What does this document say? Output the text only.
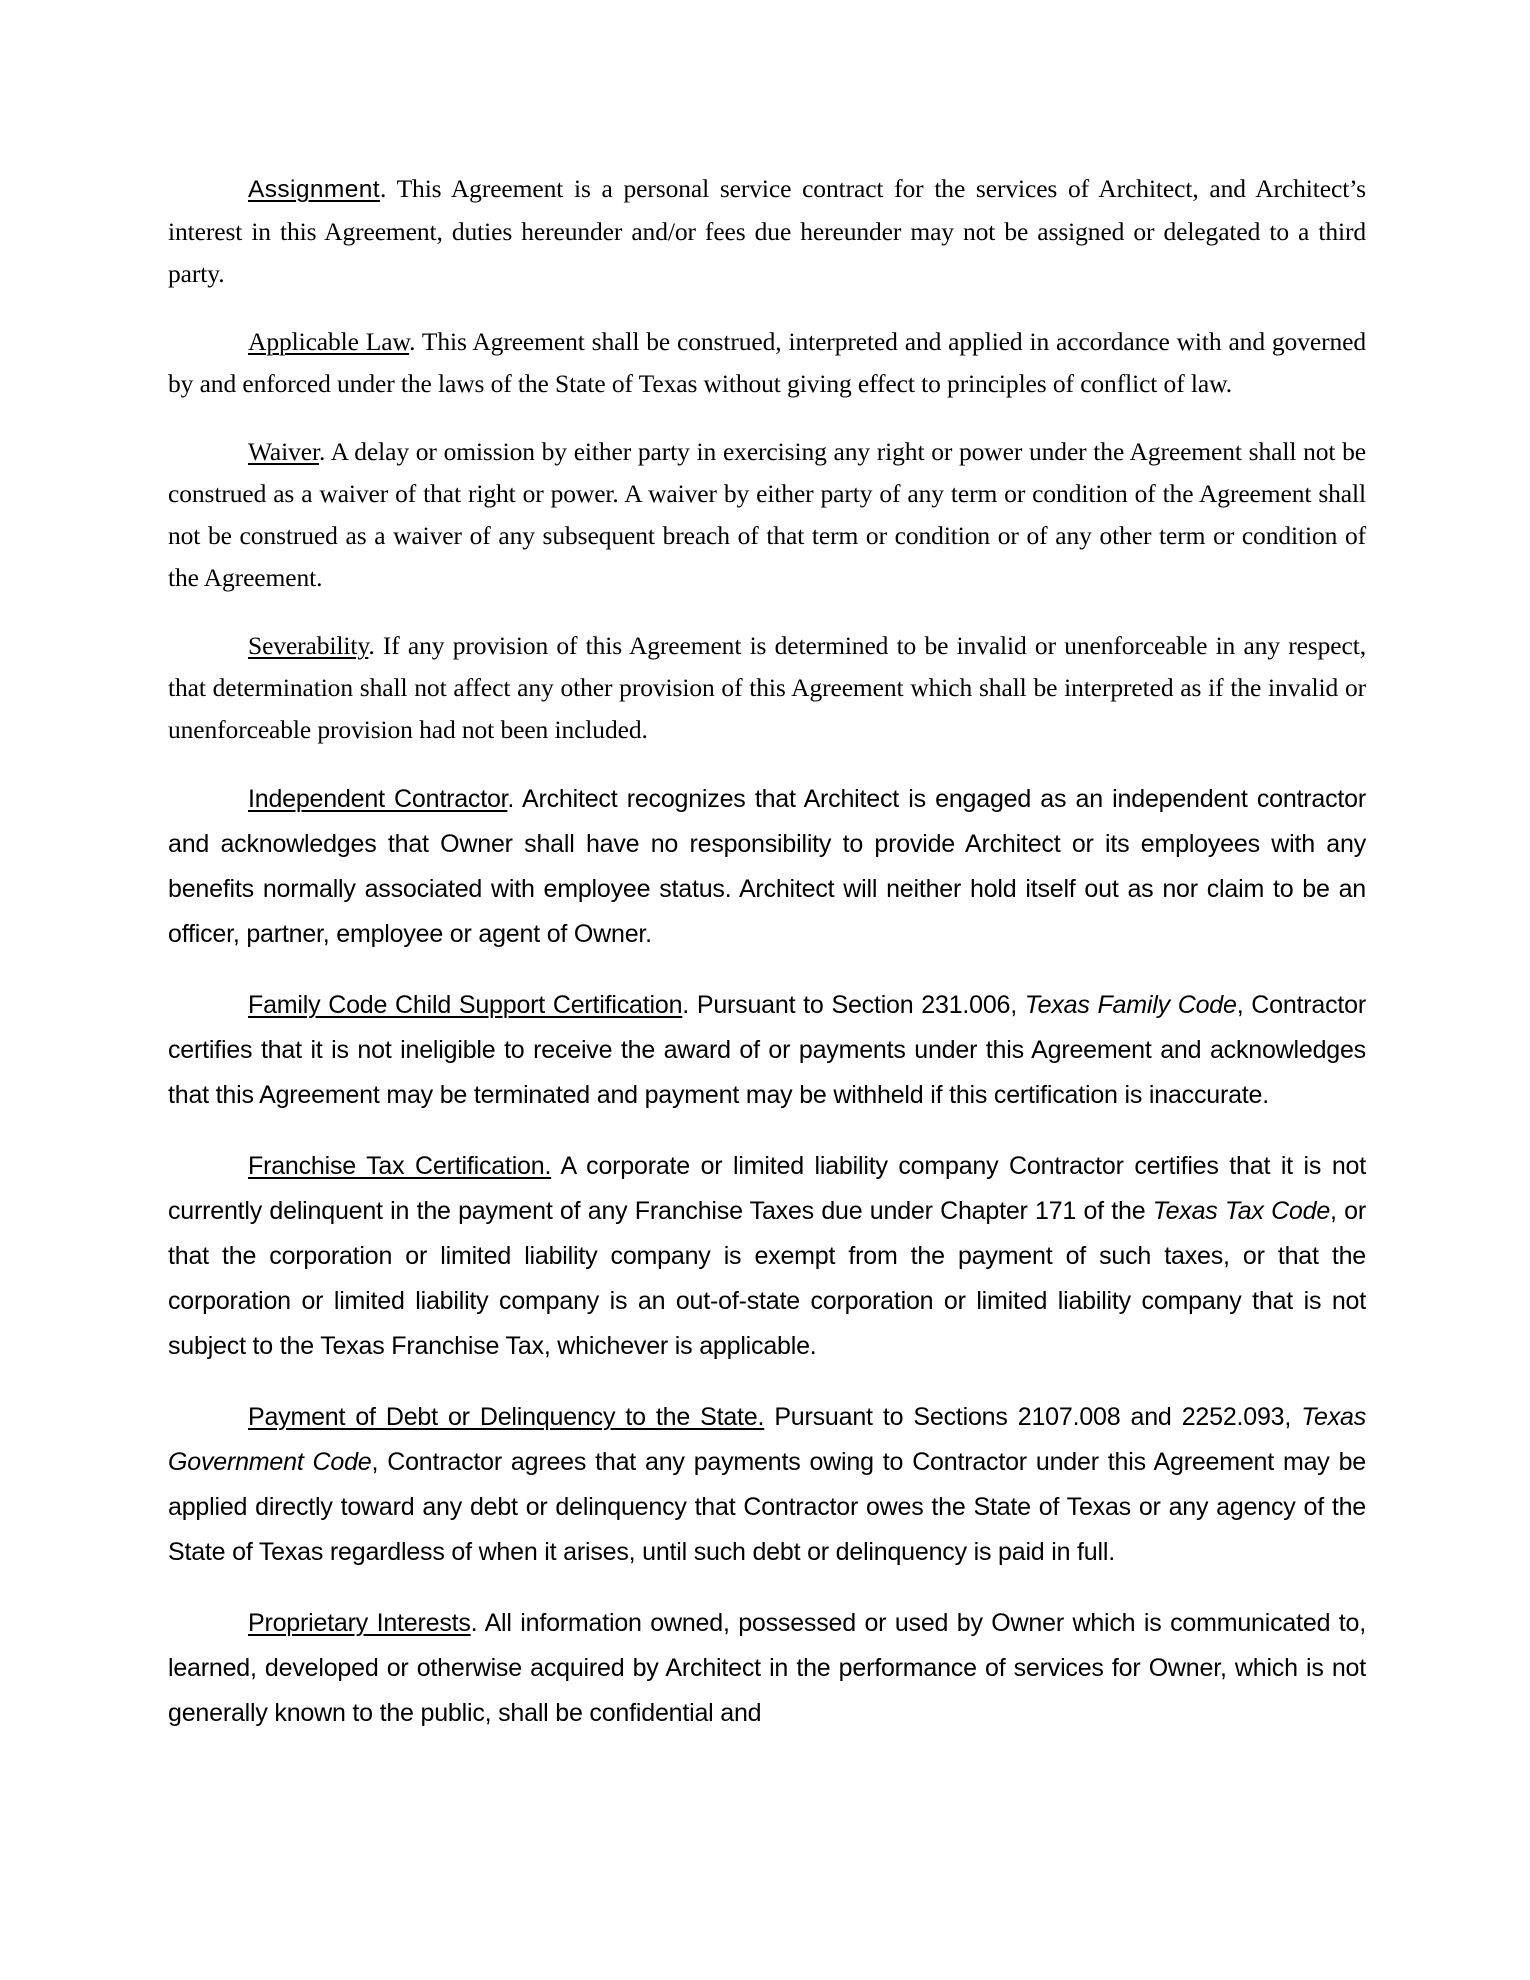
Assignment. This Agreement is a personal service contract for the services of Architect, and Architect’s interest in this Agreement, duties hereunder and/or fees due hereunder may not be assigned or delegated to a third party.

Applicable Law. This Agreement shall be construed, interpreted and applied in accordance with and governed by and enforced under the laws of the State of Texas without giving effect to principles of conflict of law.

Waiver. A delay or omission by either party in exercising any right or power under the Agreement shall not be construed as a waiver of that right or power. A waiver by either party of any term or condition of the Agreement shall not be construed as a waiver of any subsequent breach of that term or condition or of any other term or condition of the Agreement.

Severability. If any provision of this Agreement is determined to be invalid or unenforceable in any respect, that determination shall not affect any other provision of this Agreement which shall be interpreted as if the invalid or unenforceable provision had not been included.

Independent Contractor. Architect recognizes that Architect is engaged as an independent contractor and acknowledges that Owner shall have no responsibility to provide Architect or its employees with any benefits normally associated with employee status. Architect will neither hold itself out as nor claim to be an officer, partner, employee or agent of Owner.

Family Code Child Support Certification. Pursuant to Section 231.006, Texas Family Code, Contractor certifies that it is not ineligible to receive the award of or payments under this Agreement and acknowledges that this Agreement may be terminated and payment may be withheld if this certification is inaccurate.

Franchise Tax Certification. A corporate or limited liability company Contractor certifies that it is not currently delinquent in the payment of any Franchise Taxes due under Chapter 171 of the Texas Tax Code, or that the corporation or limited liability company is exempt from the payment of such taxes, or that the corporation or limited liability company is an out-of-state corporation or limited liability company that is not subject to the Texas Franchise Tax, whichever is applicable.

Payment of Debt or Delinquency to the State. Pursuant to Sections 2107.008 and 2252.093, Texas Government Code, Contractor agrees that any payments owing to Contractor under this Agreement may be applied directly toward any debt or delinquency that Contractor owes the State of Texas or any agency of the State of Texas regardless of when it arises, until such debt or delinquency is paid in full.

Proprietary Interests. All information owned, possessed or used by Owner which is communicated to, learned, developed or otherwise acquired by Architect in the performance of services for Owner, which is not generally known to the public, shall be confidential and
